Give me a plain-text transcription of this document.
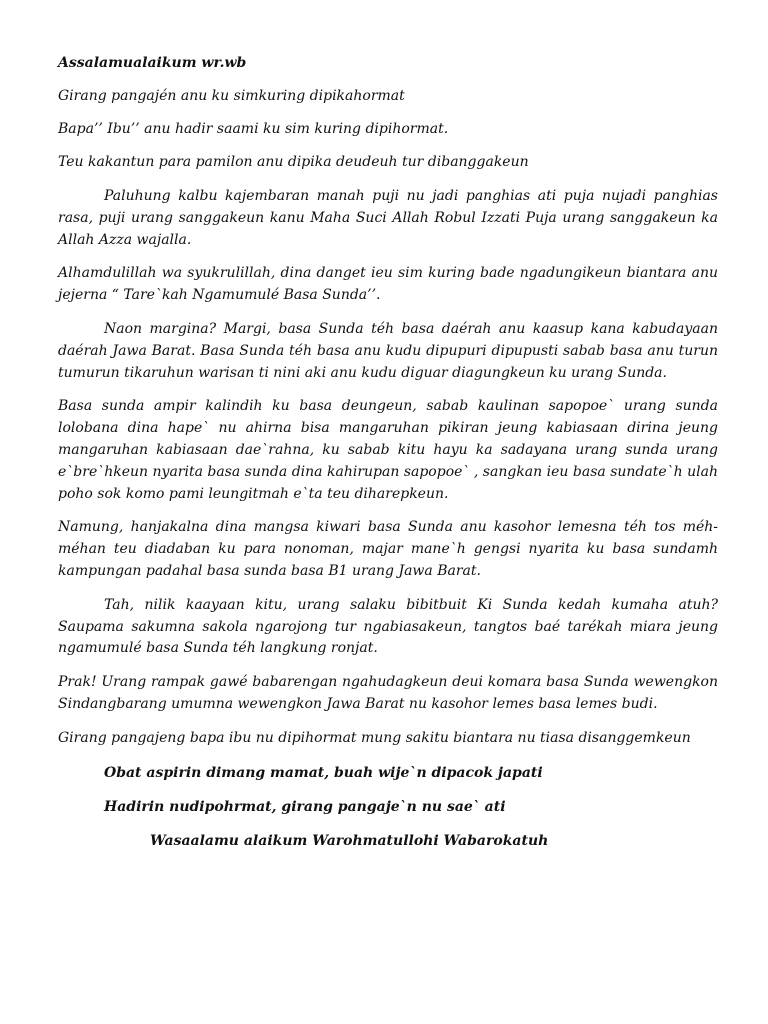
Assalamualaikum wr.wb

Girang pangajén anu ku simkuring dipikahormat

Bapa’’ Ibu’’ anu hadir saami ku sim kuring dipihormat.

Teu kakantun para pamilon anu dipika deudeuh tur dibanggakeun

Paluhung kalbu kajembaran manah puji nu jadi panghias ati puja nujadi panghias rasa, puji urang sanggakeun kanu Maha Suci Allah Robul Izzati Puja urang sanggakeun ka Allah Azza wajalla.

Alhamdulillah wa syukrulillah, dina danget ieu sim kuring bade ngadungikeun biantara anu jejerna “ Tare`kah Ngamumulé Basa Sunda’’.

Naon margina? Margi, basa Sunda téh basa daérah anu kaasup kana kabudayaan daérah Jawa Barat. Basa Sunda téh basa anu kudu dipupuri dipupusti sabab basa anu turun tumurun tikaruhun warisan ti nini aki anu kudu diguar diagungkeun ku urang Sunda.

Basa sunda ampir kalindih ku basa deungeun, sabab kaulinan sapopoe` urang sunda lolobana dina hape` nu ahirna bisa mangaruhan pikiran jeung kabiasaan dirina jeung mangaruhan kabiasaan dae`rahna, ku sabab kitu hayu ka sadayana urang sunda urang e`bre`hkeun nyarita basa sunda dina kahirupan sapopoe` , sangkan ieu basa sundate`h ulah poho sok komo pami leungitmah e`ta teu diharepkeun.

Namung, hanjakalna dina mangsa kiwari basa Sunda anu kasohor lemesna téh tos méh-méhan teu diadaban ku para nonoman, majar mane`h gengsi nyarita ku basa sundamh kampungan padahal basa sunda basa B1 urang Jawa Barat.

Tah, nilik kaayaan kitu, urang salaku bibitbuit Ki Sunda kedah kumaha atuh? Saupama sakumna sakola ngarojong tur ngabiasakeun, tangtos baé tarékah miara jeung ngamumulé basa Sunda téh langkung ronjat.

Prak! Urang rampak gawé babarengan ngahudagkeun deui komara basa Sunda wewengkon Sindangbarang umumna wewengkon Jawa Barat nu kasohor lemes basa lemes budi.

Girang pangajeng bapa ibu nu dipihormat mung sakitu biantara nu tiasa disanggemkeun

Obat aspirin dimang mamat, buah wije`n dipacok japati

Hadirin nudipohrmat, girang pangaje`n nu sae` ati

Wasaalamu alaikum Warohmatullohi Wabarokatuh
